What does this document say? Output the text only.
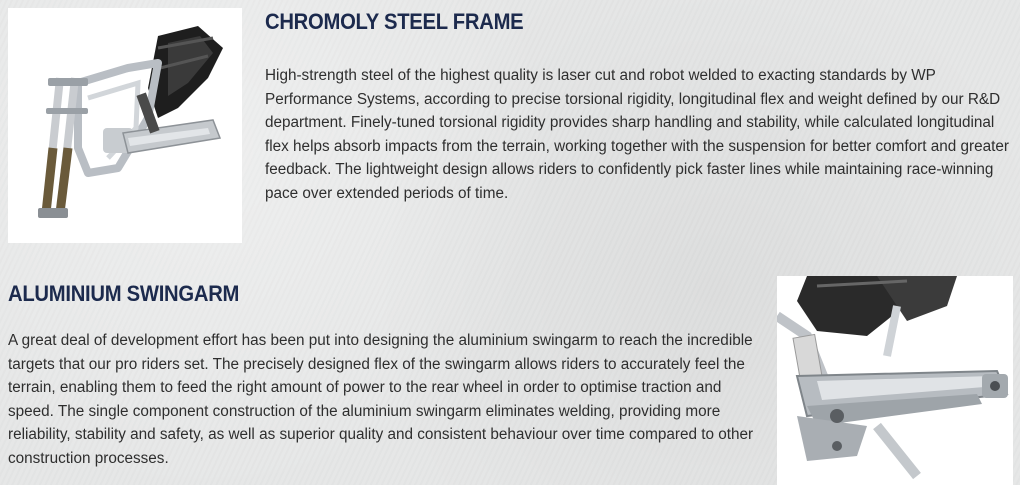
CHROMOLY STEEL FRAME

High-strength steel of the highest quality is laser cut and robot welded to exacting standards by WP Performance Systems, according to precise torsional rigidity, longitudinal flex and weight defined by our R&D department. Finely-tuned torsional rigidity provides sharp handling and stability, while calculated longitudinal flex helps absorb impacts from the terrain, working together with the suspension for better comfort and greater feedback. The lightweight design allows riders to confidently pick faster lines while maintaining race-winning pace over extended periods of time.

ALUMINIUM SWINGARM

A great deal of development effort has been put into designing the aluminium swingarm to reach the incredible targets that our pro riders set. The precisely designed flex of the swingarm allows riders to accurately feel the terrain, enabling them to feed the right amount of power to the rear wheel in order to optimise traction and speed. The single component construction of the aluminium swingarm eliminates welding, providing more reliability, stability and safety, as well as superior quality and consistent behaviour over time compared to other construction processes.
